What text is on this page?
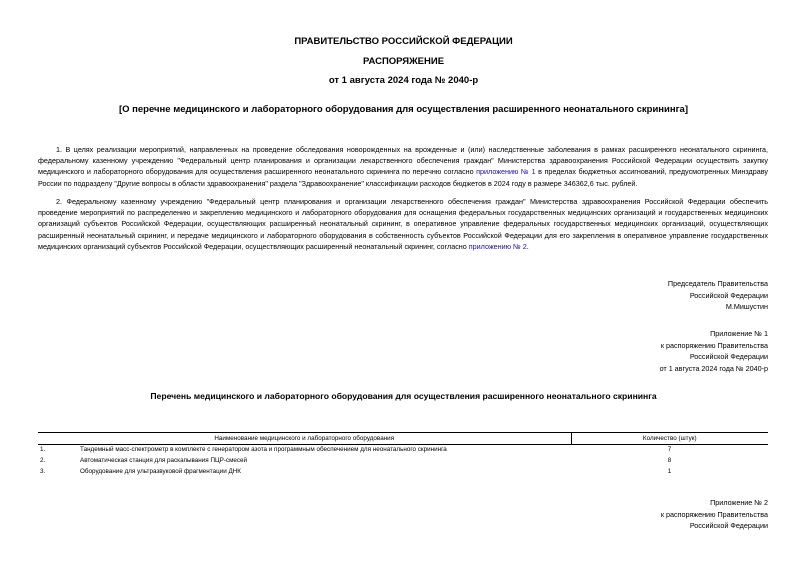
ПРАВИТЕЛЬСТВО РОССИЙСКОЙ ФЕДЕРАЦИИ
РАСПОРЯЖЕНИЕ
от 1 августа 2024 года № 2040-р
[О перечне медицинского и лабораторного оборудования для осуществления расширенного неонатального скрининга]

1. В целях реализации мероприятий, направленных на проведение обследования новорожденных на врожденные и (или) наследственные заболевания в рамках расширенного неонатального скрининга, федеральному казенному учреждению "Федеральный центр планирования и организации лекарственного обеспечения граждан" Министерства здравоохранения Российской Федерации осуществить закупку медицинского и лабораторного оборудования для осуществления расширенного неонатального скрининга по перечню согласно приложению № 1 в пределах бюджетных ассигнований, предусмотренных Минздраву России по подразделу "Другие вопросы в области здравоохранения" раздела "Здравоохранение" классификации расходов бюджетов в 2024 году в размере 346362,6 тыс. рублей.

2. Федеральному казенному учреждению "Федеральный центр планирования и организации лекарственного обеспечения граждан" Министерства здравоохранения Российской Федерации обеспечить проведение мероприятий по распределению и закреплению медицинского и лабораторного оборудования для оснащения федеральных государственных медицинских организаций и государственных медицинских организаций субъектов Российской Федерации, осуществляющих расширенный неонатальный скрининг, в оперативное управление федеральных государственных медицинских организаций, осуществляющих расширенный неонатальный скрининг, и передаче медицинского и лабораторного оборудования в собственность субъектов Российской Федерации для его закрепления в оперативное управление государственных медицинских организаций субъектов Российской Федерации, осуществляющих расширенный неонатальный скрининг, согласно приложению № 2.

Председатель Правительства
Российской Федерации
М.Мишустин
Приложение № 1
к распоряжению Правительства
Российской Федерации
от 1 августа 2024 года № 2040-р
Перечень медицинского и лабораторного оборудования для осуществления расширенного неонатального скрининга
Наименование медицинского и лабораторного оборудования		Количество (штук)
1.	Тандемный масс-спектрометр в комплекте с генератором азота и программным обеспечением для неонатального скрининга	7
2.	Автоматическая станция для раскапывания ПЦР-смесей	8
3.	Оборудование для ультразвуковой фрагментации ДНК	1
Приложение № 2
к распоряжению Правительства
Российской Федерации
